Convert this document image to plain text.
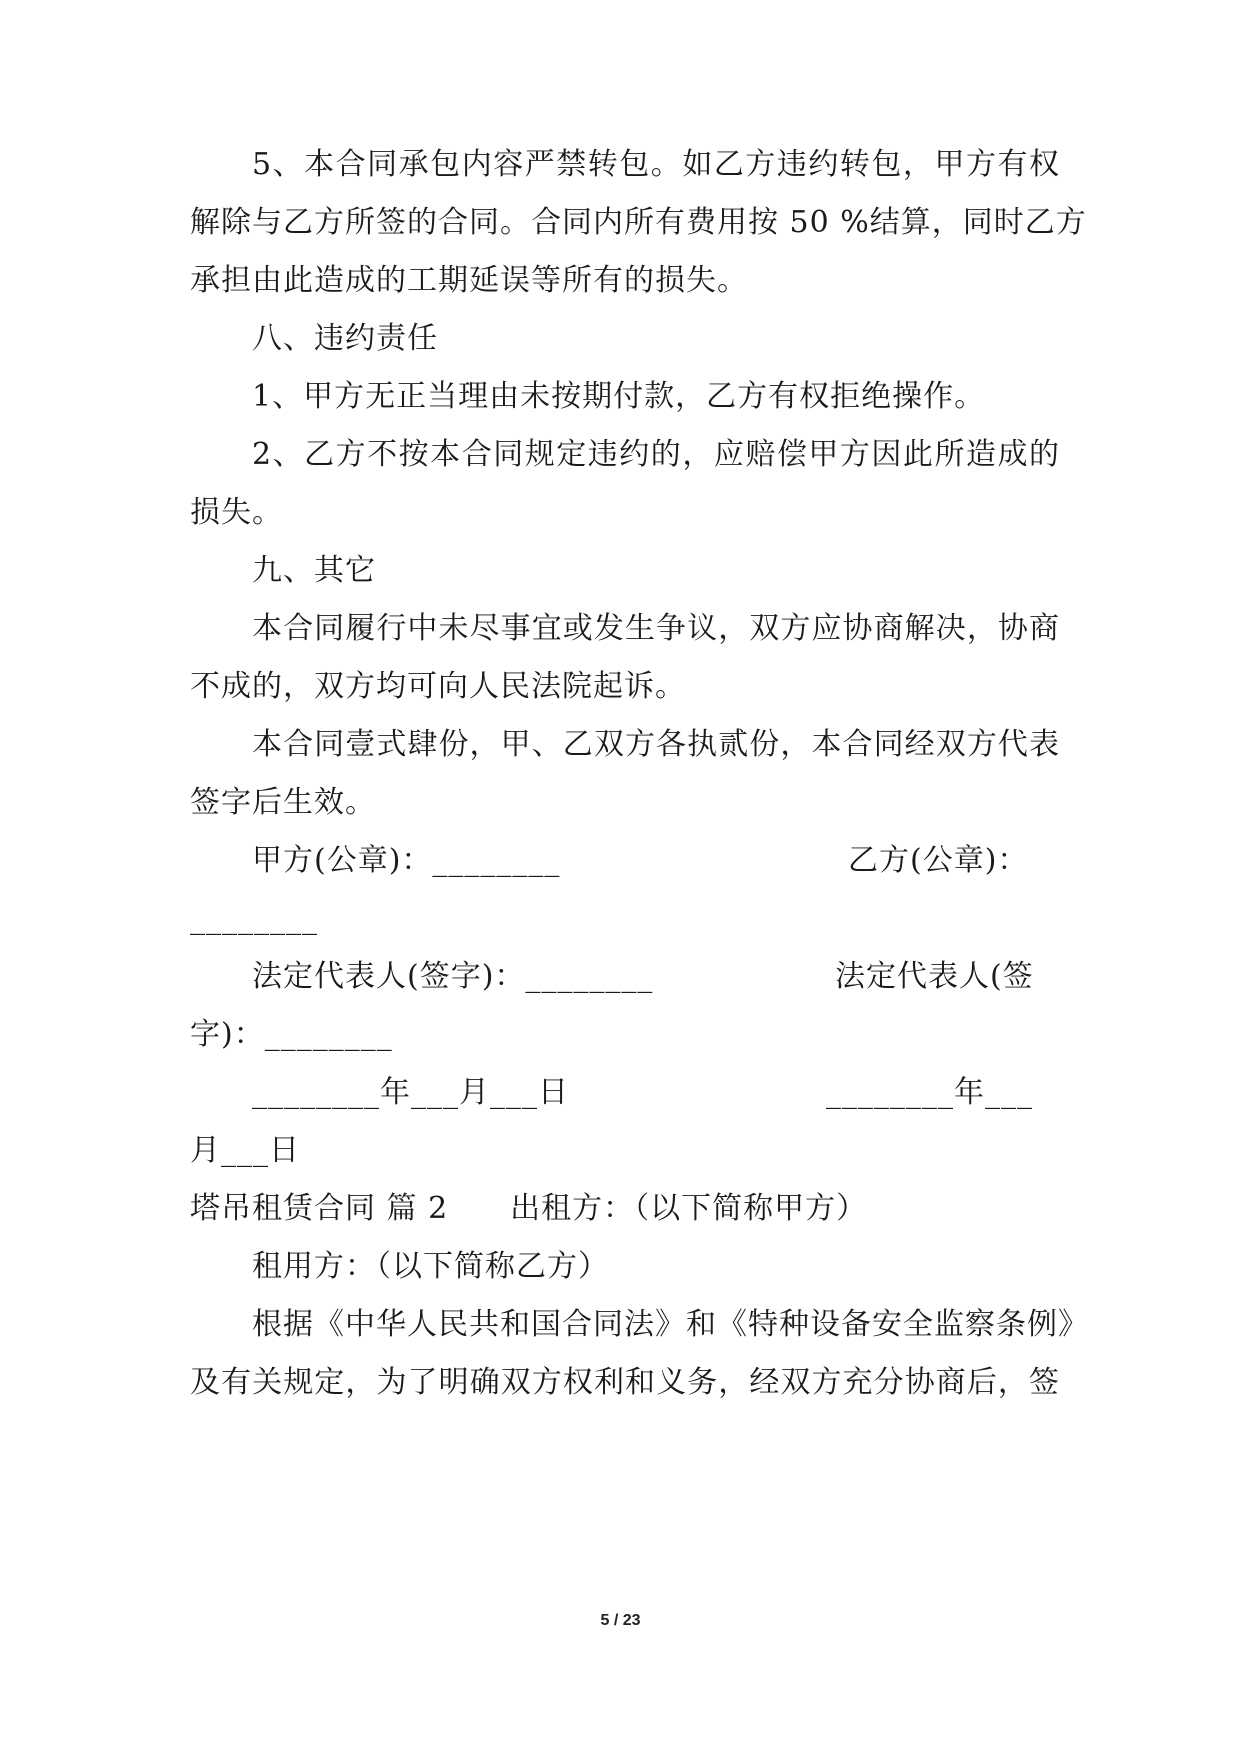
5、本合同承包内容严禁转包。如乙方违约转包，甲方有权
解除与乙方所签的合同。合同内所有费用按 50 %结算，同时乙方
承担由此造成的工期延误等所有的损失。
八、违约责任
1、甲方无正当理由未按期付款，乙方有权拒绝操作。
2、乙方不按本合同规定违约的，应赔偿甲方因此所造成的
损失。
九、其它
本合同履行中未尽事宜或发生争议，双方应协商解决，协商
不成的，双方均可向人民法院起诉。
本合同壹式肆份，甲、乙双方各执贰份，本合同经双方代表
签字后生效。
甲方(公章)：________	乙方(公章)：
________
法定代表人(签字)：________	法定代表人(签
字)：________
________年___月___日	________年___
月___日
塔吊租赁合同 篇 2　　出租方：（以下简称甲方）
租用方：（以下简称乙方）
根据《中华人民共和国合同法》和《特种设备安全监察条例》
及有关规定，为了明确双方权利和义务，经双方充分协商后，签
5 / 23
